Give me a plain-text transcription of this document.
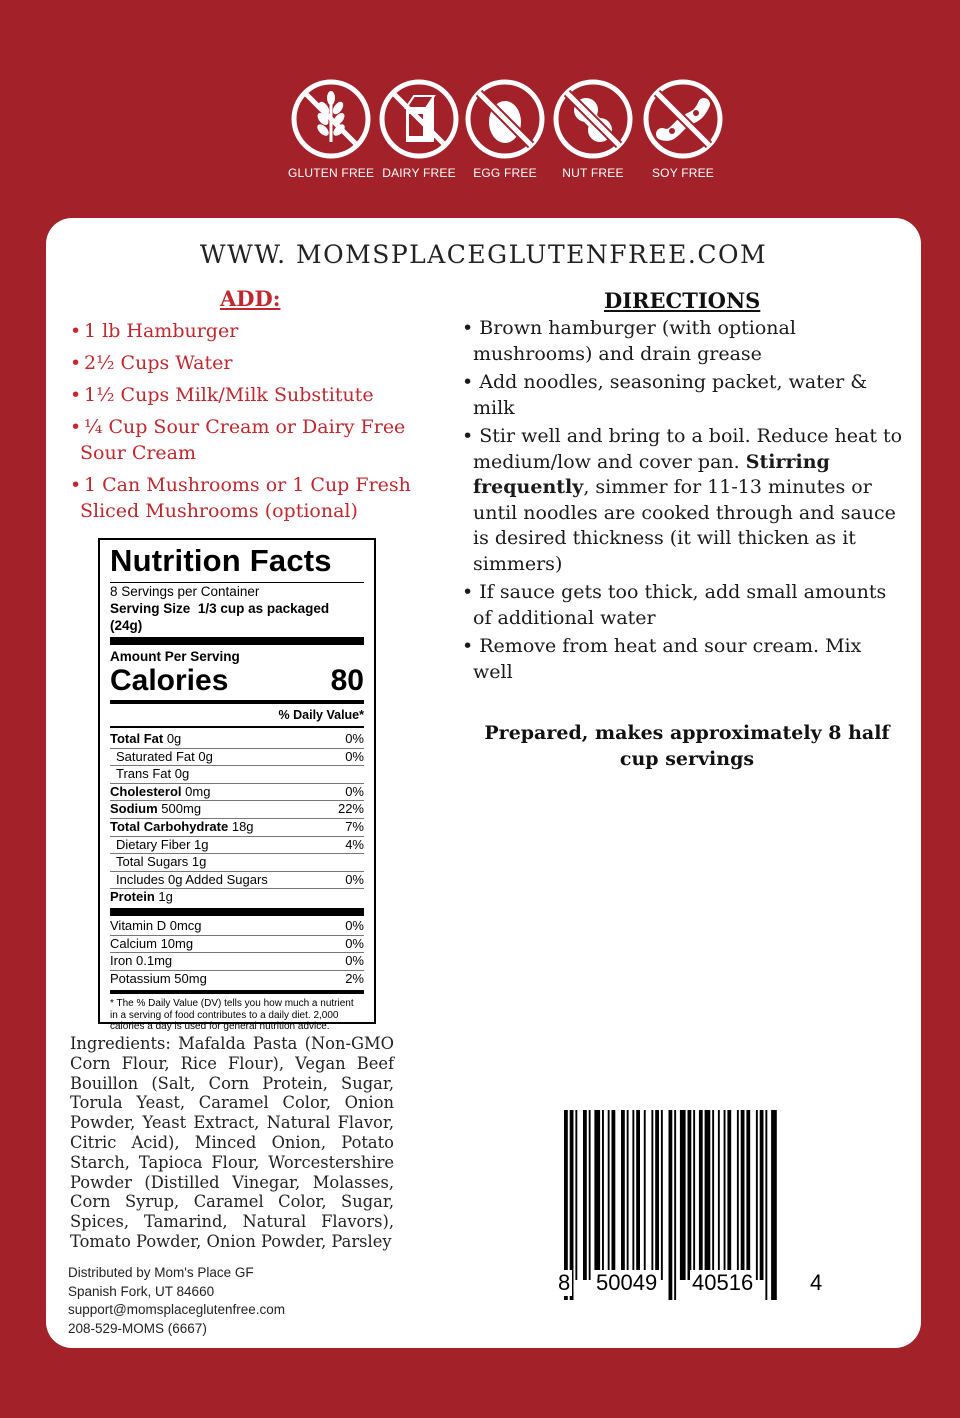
GLUTEN FREE DAIRY FREE	EGG FREE	NUT FREE	SOY FREE
WWW. MOMSPLACEGLUTENFREE.COM
ADD:
• 1 lb Hamburger
• 2½ Cups Water
• 1½ Cups Milk/Milk Substitute
• ¼ Cup Sour Cream or Dairy Free Sour Cream
• 1 Can Mushrooms or 1 Cup Fresh Sliced Mushrooms (optional)
DIRECTIONS
• Brown hamburger (with optional mushrooms) and drain grease
• Add noodles, seasoning packet, water & milk
• Stir well and bring to a boil. Reduce heat to medium/low and cover pan. Stirring frequently, simmer for 11-13 minutes or until noodles are cooked through and sauce is desired thickness (it will thicken as it simmers)
• If sauce gets too thick, add small amounts of additional water
• Remove from heat and sour cream. Mix well
Prepared, makes approximately 8 half cup servings
Nutrition Facts
8 Servings per Container
Serving Size 1/3 cup as packaged (24g)
Amount Per Serving
Calories	80
% Daily Value*
Total Fat 0g	0%
Saturated Fat 0g	0%
Trans Fat 0g
Cholesterol 0mg	0%
Sodium 500mg	22%
Total Carbohydrate 18g	7%
Dietary Fiber 1g	4%
Total Sugars 1g
Includes 0g Added Sugars	0%
Protein 1g
Vitamin D 0mcg	0%
Calcium 10mg	0%
Iron 0.1mg	0%
Potassium 50mg	2%
* The % Daily Value (DV) tells you how much a nutrient in a serving of food contributes to a daily diet. 2,000 calories a day is used for general nutrition advice.
Ingredients: Mafalda Pasta (Non-GMO Corn Flour, Rice Flour), Vegan Beef Bouillon (Salt, Corn Protein, Sugar, Torula Yeast, Caramel Color, Onion Powder, Yeast Extract, Natural Flavor, Citric Acid), Minced Onion, Potato Starch, Tapioca Flour, Worcestershire Powder (Distilled Vinegar, Molasses, Corn Syrup, Caramel Color, Sugar, Spices, Tamarind, Natural Flavors), Tomato Powder, Onion Powder, Parsley
Distributed by Mom's Place GF
Spanish Fork, UT 84660
support@momsplaceglutenfree.com
208-529-MOMS (6667)
8 50049 40516	4
